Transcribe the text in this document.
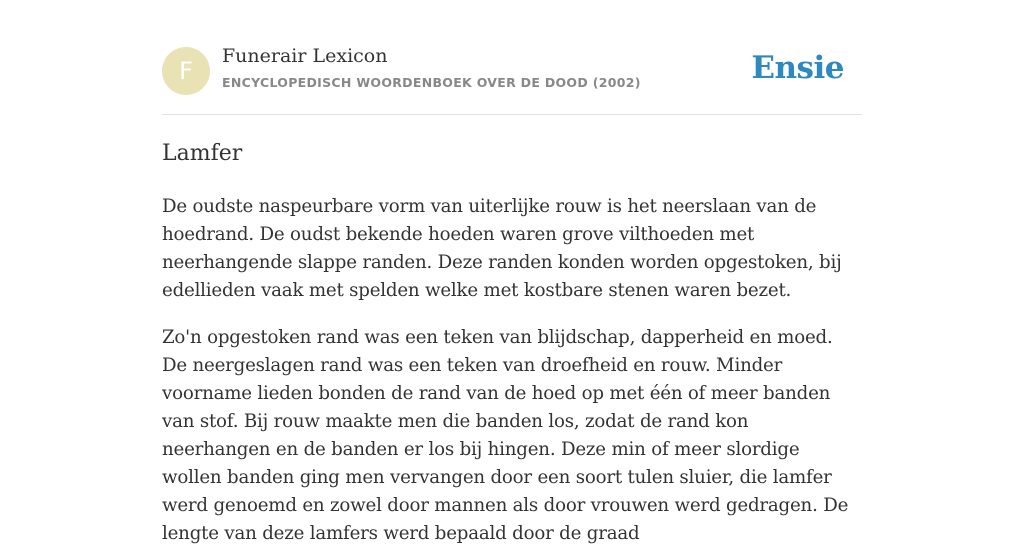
F
Funerair Lexicon
ENCYCLOPEDISCH WOORDENBOEK OVER DE DOOD (2002)	Ensie
Lamfer

De oudste naspeurbare vorm van uiterlijke rouw is het neerslaan van de hoedrand. De oudst bekende hoeden waren grove vilthoeden met neerhangende slappe randen. Deze randen konden worden opgestoken, bij edellieden vaak met spelden welke met kostbare stenen waren bezet.

Zo'n opgestoken rand was een teken van blijdschap, dapperheid en moed. De neergeslagen rand was een teken van droefheid en rouw. Minder voorname lieden bonden de rand van de hoed op met één of meer banden van stof. Bij rouw maakte men die banden los, zodat de rand kon neerhangen en de banden er los bij hingen. Deze min of meer slordige wollen banden ging men vervangen door een soort tulen sluier, die lamfer werd genoemd en zowel door mannen als door vrouwen werd gedragen. De lengte van deze lamfers werd bepaald door de graad
